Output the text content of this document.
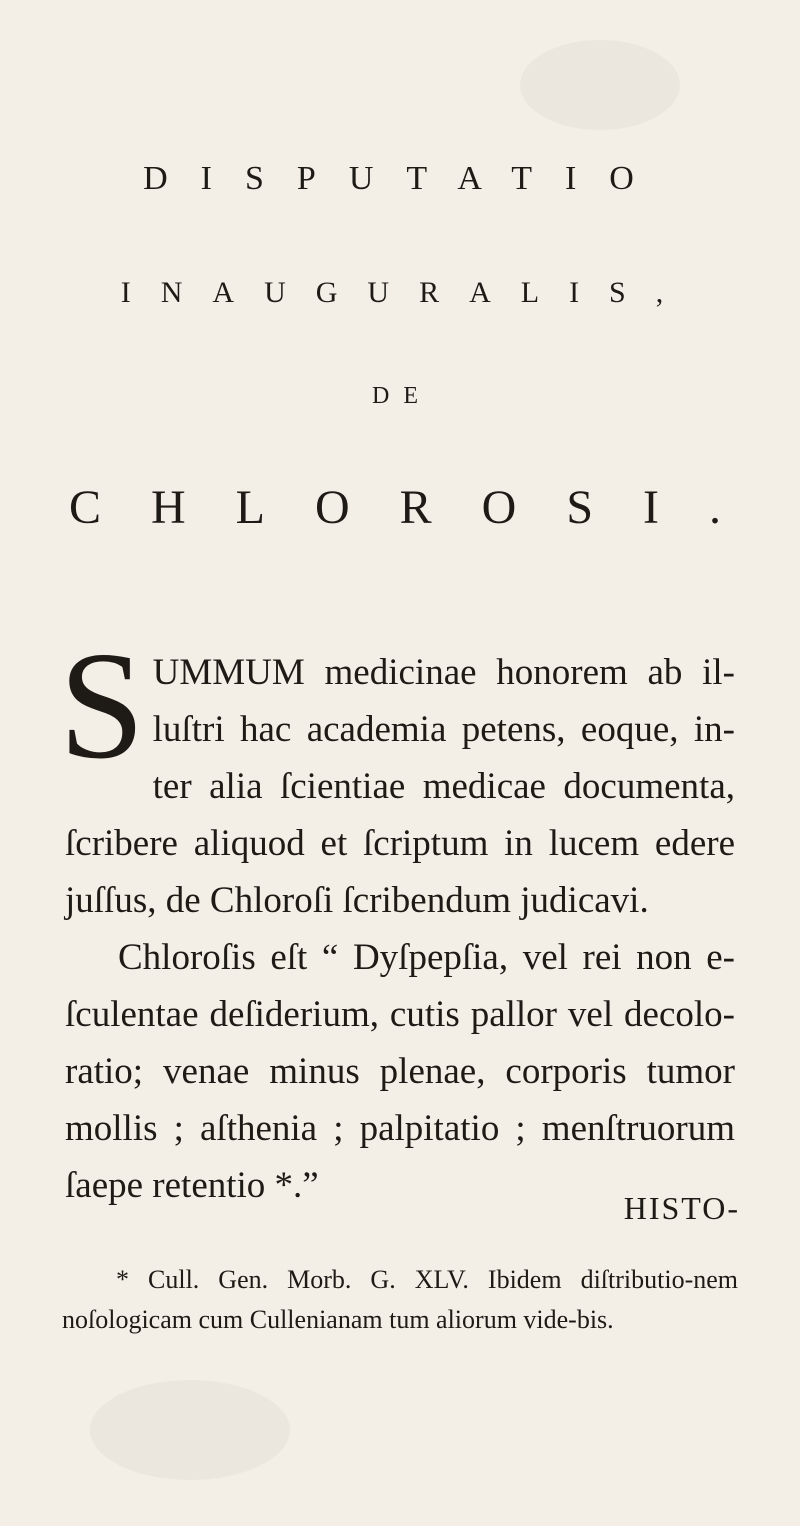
DISPUTATIO
INAUGURALIS,
DE
CHLOROSI.

SUMMUM medicinae honorem ab il-luſtri hac academia petens, eoque, in-ter alia ſcientiae medicae documenta, ſcribere aliquod et ſcriptum in lucem edere juſſus, de Chloroſi ſcribendum judicavi.

Chloroſis eſt “ Dyſpepſia, vel rei non e-ſculentae deſiderium, cutis pallor vel decolo-ratio; venae minus plenae, corporis tumor mollis ; aſthenia ; palpitatio ; menſtruorum ſaepe retentio *.”

HISTO-
* Cull. Gen. Morb. G. XLV. Ibidem diſtributio-nem noſologicam cum Cullenianam tum aliorum vide-bis.
